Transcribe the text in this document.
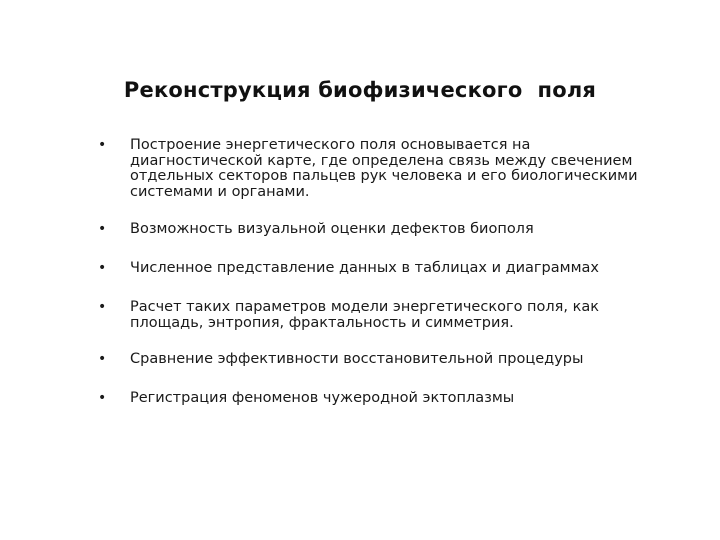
Реконструкция биофизического  поля
• Построение энергетического поля основывается на диагностической карте, где определена связь между свечением отдельных секторов пальцев рук человека и его биологическими системами и органами.
• Возможность визуальной оценки дефектов биополя
• Численное представление данных в таблицах и диаграммах
• Расчет таких параметров модели энергетического поля, как площадь, энтропия, фрактальность и симметрия.
• Сравнение эффективности восстановительной процедуры
• Регистрация феноменов чужеродной эктоплазмы
